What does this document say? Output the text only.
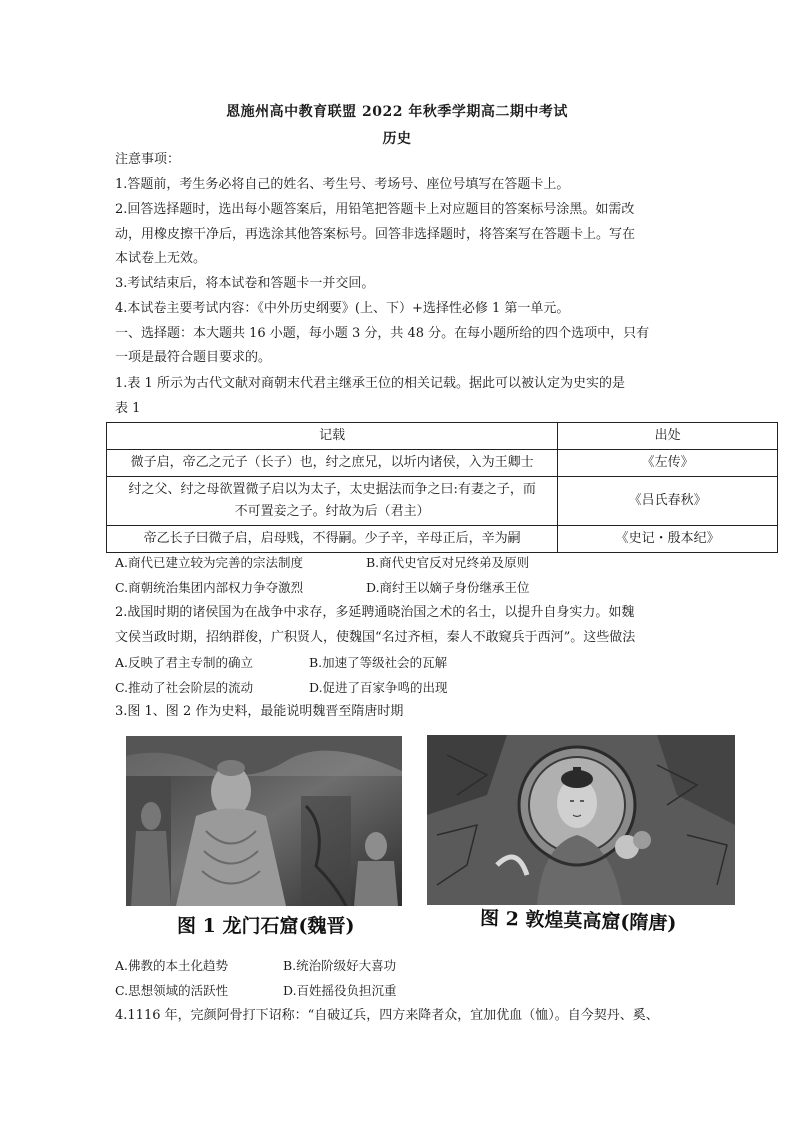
恩施州高中教育联盟 2022 年秋季学期高二期中考试
历史
注意事项：
1.答题前，考生务必将自己的姓名、考生号、考场号、座位号填写在答题卡上。
2.回答选择题时，选出每小题答案后，用铅笔把答题卡上对应题目的答案标号涂黑。如需改
动，用橡皮擦干净后，再选涂其他答案标号。回答非选择题时，将答案写在答题卡上。写在
本试卷上无效。
3.考试结束后，将本试卷和答题卡一并交回。
4.本试卷主要考试内容：《中外历史纲要》(上、下）+选择性必修 1 第一单元。
一、选择题：本大题共 16 小题，每小题 3 分，共 48 分。在每小题所给的四个选项中，只有
一项是最符合题目要求的。
1.表 1 所示为古代文献对商朝末代君主继承王位的相关记载。据此可以被认定为史实的是
表 1
记载	出处
微子启，帝乙之元子（长子）也，纣之庶兄，以圻内诸侯，入为王卿士	《左传》

纣之父、纣之母欲置微子启以为太子，太史据法而争之曰:有妻之子，而
不可置妾之子。纣故为后（君主）	《吕氏春秋》
帝乙长子曰微子启，启母贱，不得嗣。少子辛，辛母正后，辛为嗣	《史记・殷本纪》
A.商代已建立较为完善的宗法制度	B.商代史官反对兄终弟及原则
C.商朝统治集团内部权力争夺激烈	D.商纣王以嫡子身份继承王位
2.战国时期的诸侯国为在战争中求存，多延聘通晓治国之术的名士，以提升自身实力。如魏
文侯当政时期，招纳群俊，广积贤人，使魏国“名过齐桓，秦人不敢窥兵于西河”。这些做法
A.反映了君主专制的确立	B.加速了等级社会的瓦解
C.推动了社会阶层的流动	D.促进了百家争鸣的出现
3.图 1、图 2 作为史料，最能说明魏晋至隋唐时期
图 1 龙门石窟(魏晋)	图 2 敦煌莫高窟(隋唐)
A.佛教的本土化趋势	B.统治阶级好大喜功
C.思想领域的活跃性	D.百姓摇役负担沉重
4.1116 年，完颜阿骨打下诏称：“自破辽兵，四方来降者众，宜加优血（恤）。自今契丹、奚、
